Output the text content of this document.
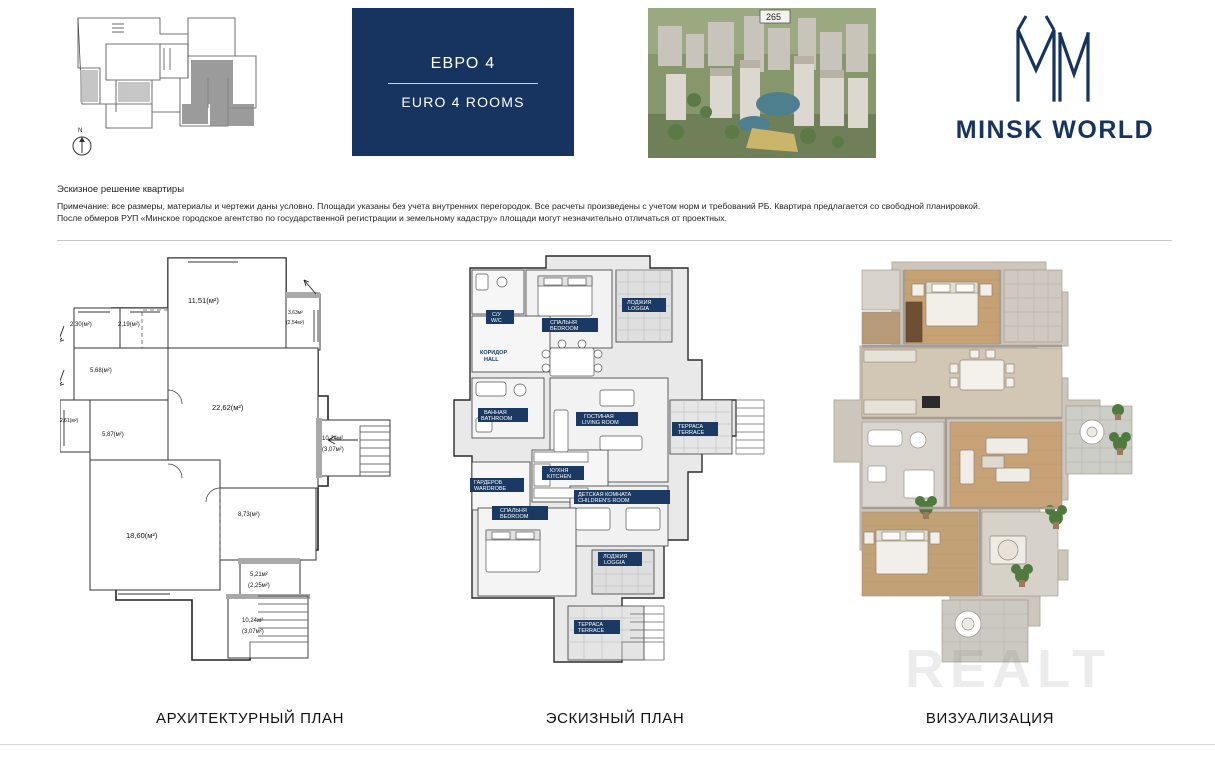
N
ЕВРО 4
EURO 4 ROOMS
265
MINSK WORLD
Эскизное решение квартиры
Примечание: все размеры, материалы и чертежи даны условно. Площади указаны без учета внутренних перегородок. Все расчеты произведены с учетом норм и требований РБ. Квартира предлагается со свободной планировкой.
После обмеров РУП «Минское городское агентство по государственной регистрации и земельному кадастру» площади могут незначительно отличаться от проектных.
11,51(м²)
2,30(м²)	2,19(м²)
3,63м²
(2,54м²)
5,68(м²)
22,62(м²)
2,61(м²)
5,87(м²)
10,24м²
(3,07м²)
8,73(м²)
18,60(м²)
5,21м²
(2,25м²)
10,24м²
(3,07м²)
С/У
W/C	СПАЛЬНЯ
BEDROOM
ЛОДЖИЯ
LOGGIA
КОРИДОР
HALL
ВАННАЯ
BATHROOM	ГОСТИНАЯ
LIVING ROOM
ТЕРРАСА
TERRACE
КУХНЯ
KITCHEN
ГАРДЕРОБ
WARDROBE
ДЕТСКАЯ КОМНАТА
CHILDREN'S ROOM
СПАЛЬНЯ
BEDROOM
ЛОДЖИЯ
LOGGIA
ТЕРРАСА
TERRACE
АРХИТЕКТУРНЫЙ ПЛАН	ЭСКИЗНЫЙ ПЛАН	ВИЗУАЛИЗАЦИЯ
REALT
